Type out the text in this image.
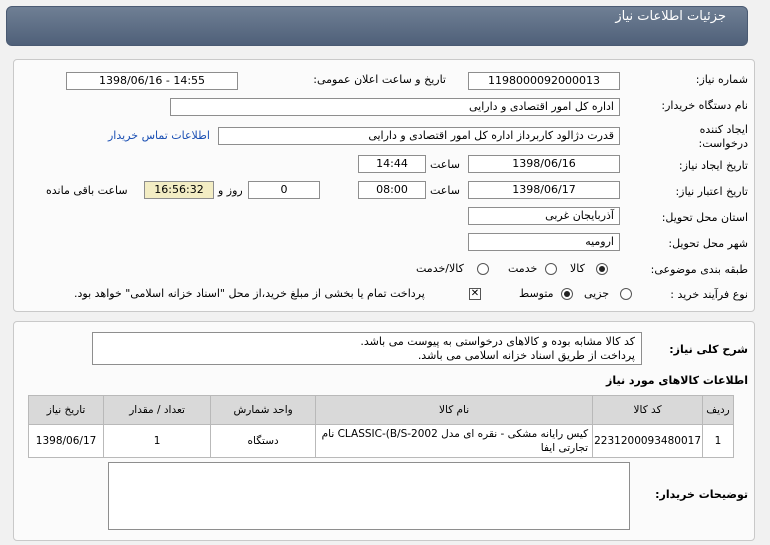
جزئیات اطلاعات نیاز
شماره نیاز:
1198000092000013
تاریخ و ساعت اعلان عمومی:
1398/06/16 - 14:55
نام دستگاه خریدار:
اداره کل امور اقتصادی و دارایی
ایجاد کننده
درخواست:
قدرت دژالود کاربرداز اداره کل امور اقتصادی و دارایی
اطلاعات تماس خریدار
تاریخ ایجاد نیاز:
1398/06/16
ساعت
14:44
تاریخ اعتبار نیاز:
1398/06/17
ساعت
08:00
0
روز و
16:56:32
ساعت باقی مانده
استان محل تحویل:
آذربایجان غربی
شهر محل تحویل:
ارومیه
طبقه بندی موضوعی:
کالا
خدمت
کالا/خدمت
نوع فرآیند خرید :
جزیی
متوسط
✕
پرداخت تمام یا بخشی از مبلغ خرید،از محل "اسناد خزانه اسلامی" خواهد بود.
شرح کلی نیاز:
کد کالا مشابه بوده و کالاهای درخواستی به پیوست می باشد.
پرداخت از طریق اسناد خزانه اسلامی می باشد.
اطلاعات کالاهای مورد نیاز
ردیف	کد کالا	نام کالا	واحد شمارش	تعداد / مقدار	تاریخ نیاز
1	2231200093480017	کیس رایانه مشکی - نقره ای مدل CLASSIC-(B/S-2002 نام تجارتی ایفا	دستگاه	1	1398/06/17
توضیحات خریدار:
